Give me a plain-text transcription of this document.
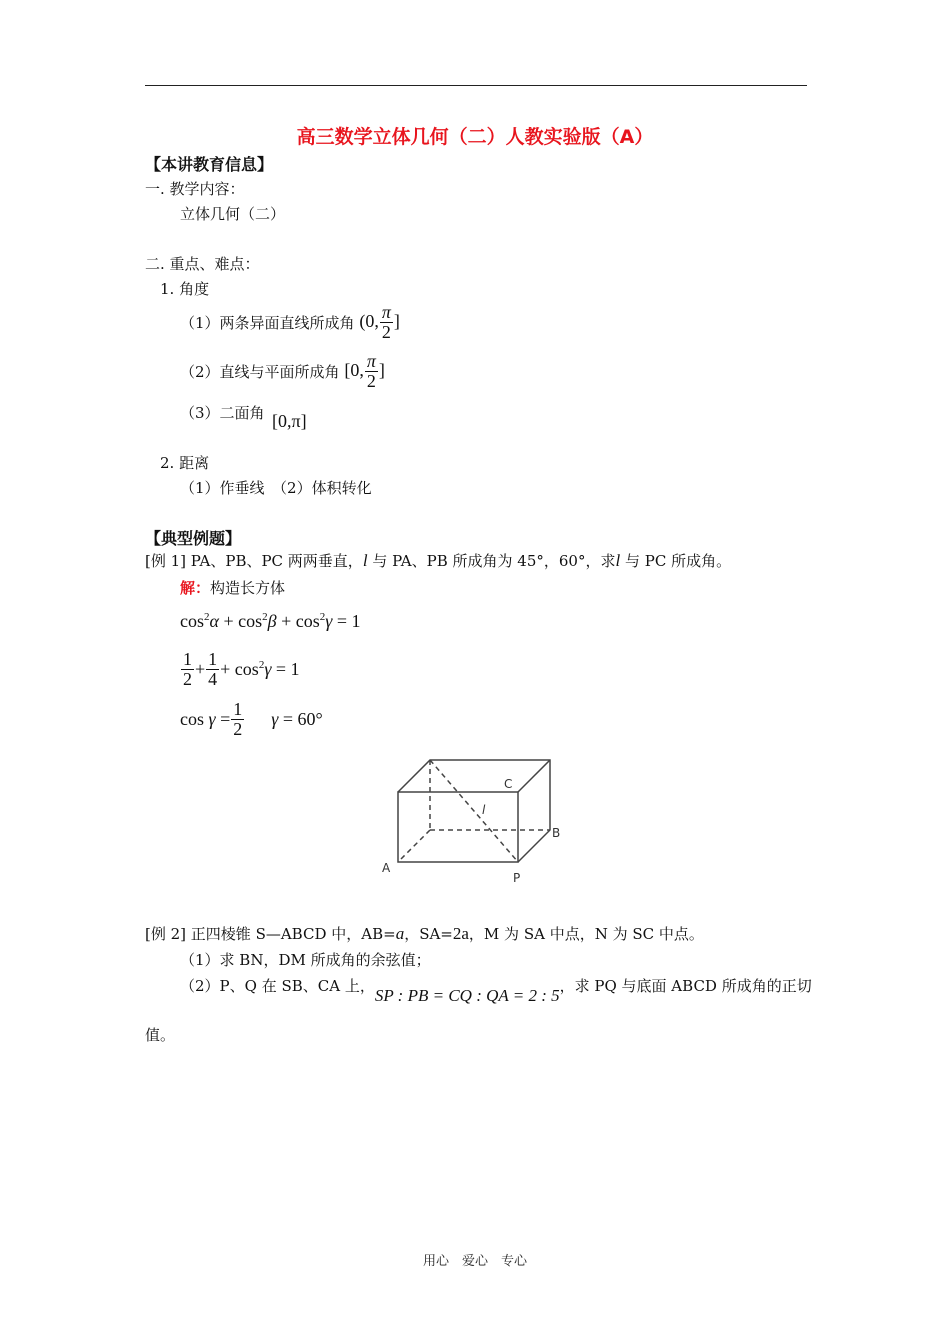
高三数学立体几何（二）人教实验版（A）
【本讲教育信息】
一. 教学内容：
立体几何（二）
二. 重点、难点：
1. 角度
（1）两条异面直线所成角 (0, $\frac{\pi}{2}$ ]
（2）直线与平面所成角 [0, $\frac{\pi}{2}$ ]
（3）二面角 [0,π]
2. 距离
（1）作垂线　（2）体积转化
【典型例题】
[例 1] PA、PB、PC 两两垂直，l 与 PA、PB 所成角为 45°，60°，求l 与 PC 所成角。
解：构造长方体
$\cos^2\alpha + \cos^2\beta + \cos^2\gamma = 1$
$\frac{1}{2} + \frac{1}{4} + \cos^2\gamma = 1$
$\cos \gamma = \frac{1}{2}$ γ = 60°
C
B
A
P
l
[例 2] 正四棱锥 S—ABCD 中，AB=a，SA=2a，M 为 SA 中点，N 为 SC 中点。
（1）求 BN，DM 所成角的余弦值；
（2）P、Q 在 SB、CA 上，SP : PB = CQ : QA = 2 : 5，求 PQ 与底面 ABCD 所成角的正切
值。
用心　爱心　专心
